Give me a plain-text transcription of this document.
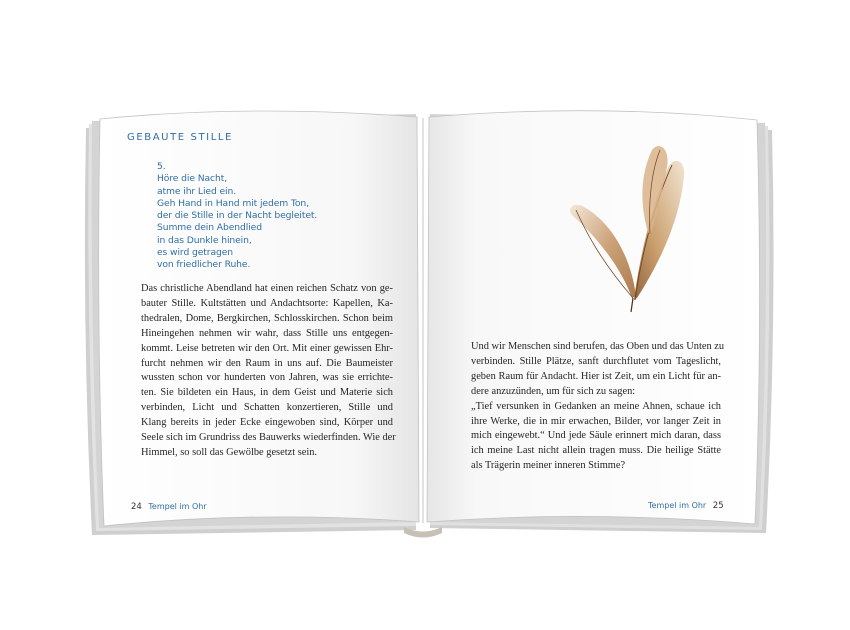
GEBAUTE STILLE
5.
Höre die Nacht,
atme ihr Lied ein.
Geh Hand in Hand mit jedem Ton,
der die Stille in der Nacht begleitet.
Summe dein Abendlied
in das Dunkle hinein,
es wird getragen
von friedlicher Ruhe.
Das christliche Abendland hat einen reichen Schatz von ge-
bauter Stille. Kultstätten und Andachtsorte: Kapellen, Ka-
thedralen, Dome, Bergkirchen, Schlosskirchen. Schon beim
Hineingehen nehmen wir wahr, dass Stille uns entgegen-
kommt. Leise betreten wir den Ort. Mit einer gewissen Ehr-
furcht nehmen wir den Raum in uns auf. Die Baumeister
wussten schon vor hunderten von Jahren, was sie errichte-
ten. Sie bildeten ein Haus, in dem Geist und Materie sich
verbinden, Licht und Schatten konzertieren, Stille und
Klang bereits in jeder Ecke eingewoben sind, Körper und
Seele sich im Grundriss des Bauwerks wiederfinden. Wie der
Himmel, so soll das Gewölbe gesetzt sein.
Und wir Menschen sind berufen, das Oben und das Unten zu
verbinden. Stille Plätze, sanft durchflutet vom Tageslicht,
geben Raum für Andacht. Hier ist Zeit, um ein Licht für an-
dere anzuzünden, um für sich zu sagen:
„Tief versunken in Gedanken an meine Ahnen, schaue ich
ihre Werke, die in mir erwachen, Bilder, vor langer Zeit in
mich eingewebt.“ Und jede Säule erinnert mich daran, dass
ich meine Last nicht allein tragen muss. Die heilige Stätte
als Trägerin meiner inneren Stimme?
24 Tempel im Ohr	Tempel im Ohr 25
